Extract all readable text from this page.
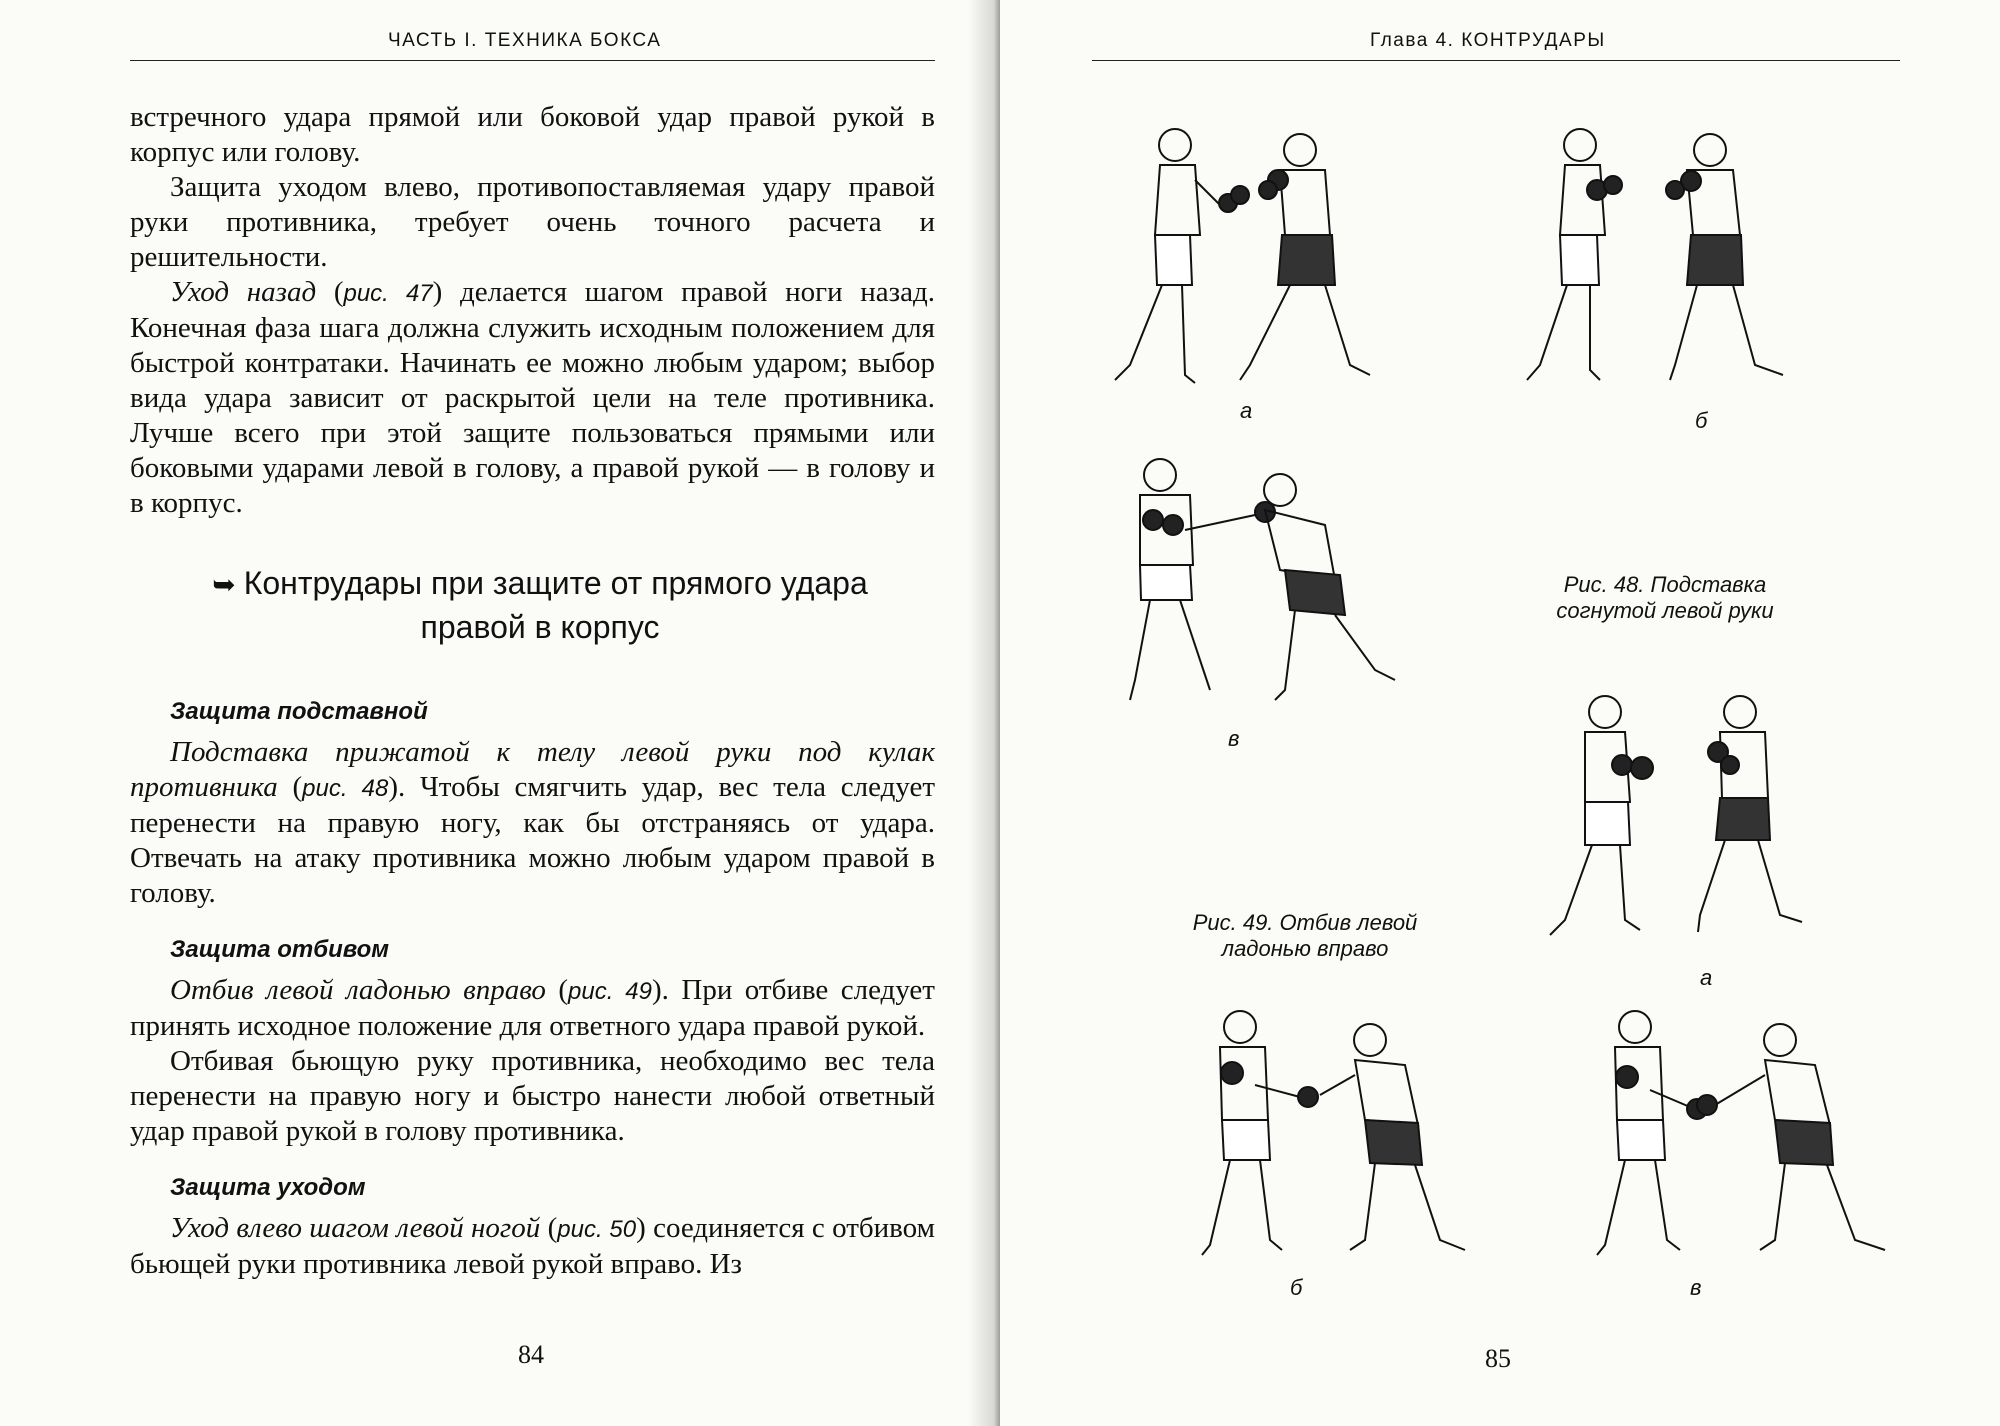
ЧАСТЬ I. ТЕХНИКА БОКСА

встречного удара прямой или боковой удар правой рукой в корпус или голову.

Защита уходом влево, противопоставляемая удару правой руки противника, требует очень точного расчета и решительности.

Уход назад (рис. 47) делается шагом правой ноги назад. Конечная фаза шага должна служить исходным положением для быстрой контратаки. Начинать ее можно любым ударом; выбор вида удара зависит от раскрытой цели на теле противника. Лучше всего при этой защите пользоваться прямыми или боковыми ударами левой в голову, а правой рукой — в голову и в корпус.

➥ Контрудары при защите от прямого удара правой в корпус

Защита подставной

Подставка прижатой к телу левой руки под кулак противника (рис. 48). Чтобы смягчить удар, вес тела следует перенести на правую ногу, как бы отстраняясь от удара. Отвечать на атаку противника можно любым ударом правой в голову.

Защита отбивом

Отбив левой ладонью вправо (рис. 49). При отбиве следует принять исходное положение для ответного удара правой рукой.

Отбивая бьющую руку противника, необходимо вес тела перенести на правую ногу и быстро нанести любой ответный удар правой рукой в голову противника.

Защита уходом

Уход влево шагом левой ногой (рис. 50) соединяется с отбивом бьющей руки противника левой рукой вправо. Из

84
Глава 4. КОНТРУДАРЫ
а	б
в
Рис. 48. Подставка согнутой левой руки
а
Рис. 49. Отбив левой ладонью вправо
б	в
85
